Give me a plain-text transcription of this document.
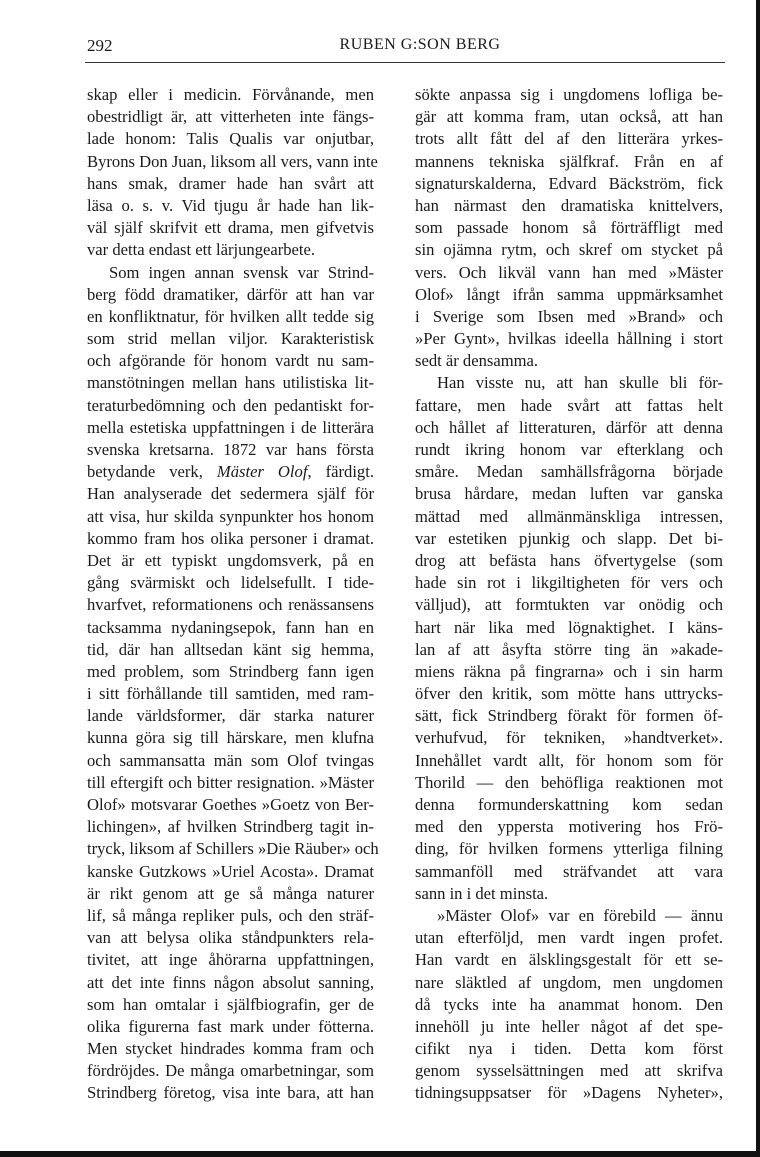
292	RUBEN G:SON BERG
skap eller i medicin. Förvånande, men
obestridligt är, att vitterheten inte fängs-
lade honom: Talis Qualis var onjutbar,
Byrons Don Juan, liksom all vers, vann inte
hans smak, dramer hade han svårt att
läsa o. s. v. Vid tjugu år hade han lik-
väl själf skrifvit ett drama, men gifvetvis
var detta endast ett lärjungearbete.
Som ingen annan svensk var Strind-
berg född dramatiker, därför att han var
en konfliktnatur, för hvilken allt tedde sig
som strid mellan viljor. Karakteristisk
och afgörande för honom vardt nu sam-
manstötningen mellan hans utilistiska lit-
teraturbedömning och den pedantiskt for-
mella estetiska uppfattningen i de litterära
svenska kretsarna. 1872 var hans första
betydande verk, Mäster Olof, färdigt.
Han analyserade det sedermera själf för
att visa, hur skilda synpunkter hos honom
kommo fram hos olika personer i dramat.
Det är ett typiskt ungdomsverk, på en
gång svärmiskt och lidelsefullt. I tide-
hvarfvet, reformationens och renässansens
tacksamma nydaningsepok, fann han en
tid, där han alltsedan känt sig hemma,
med problem, som Strindberg fann igen
i sitt förhållande till samtiden, med ram-
lande världsformer, där starka naturer
kunna göra sig till härskare, men klufna
och sammansatta män som Olof tvingas
till eftergift och bitter resignation. »Mäster
Olof» motsvarar Goethes »Goetz von Ber-
lichingen», af hvilken Strindberg tagit in-
tryck, liksom af Schillers »Die Räuber» och
kanske Gutzkows »Uriel Acosta». Dramat
är rikt genom att ge så många naturer
lif, så många repliker puls, och den sträf-
van att belysa olika ståndpunkters rela-
tivitet, att inge åhörarna uppfattningen,
att det inte finns någon absolut sanning,
som han omtalar i själfbiografin, ger de
olika figurerna fast mark under fötterna.
Men stycket hindrades komma fram och
fördröjdes. De många omarbetningar, som
Strindberg företog, visa inte bara, att han
sökte anpassa sig i ungdomens lofliga be-
gär att komma fram, utan också, att han
trots allt fått del af den litterära yrkes-
mannens tekniska själfkraf. Från en af
signaturskalderna, Edvard Bäckström, fick
han närmast den dramatiska knittelvers,
som passade honom så förträffligt med
sin ojämna rytm, och skref om stycket på
vers. Och likväl vann han med »Mäster
Olof» långt ifrån samma uppmärksamhet
i Sverige som Ibsen med »Brand» och
»Per Gynt», hvilkas ideella hållning i stort
sedt är densamma.
Han visste nu, att han skulle bli för-
fattare, men hade svårt att fattas helt
och hållet af litteraturen, därför att denna
rundt ikring honom var efterklang och
småre. Medan samhällsfrågorna började
brusa hårdare, medan luften var ganska
mättad med allmänmänskliga intressen,
var estetiken pjunkig och slapp. Det bi-
drog att befästa hans öfvertygelse (som
hade sin rot i likgiltigheten för vers och
välljud), att formtukten var onödig och
hart när lika med lögnaktighet. I käns-
lan af att åsyfta större ting än »akade-
miens räkna på fingrarna» och i sin harm
öfver den kritik, som mötte hans uttrycks-
sätt, fick Strindberg förakt för formen öf-
verhufvud, för tekniken, »handtverket».
Innehållet vardt allt, för honom som för
Thorild — den behöfliga reaktionen mot
denna formunderskattning kom sedan
med den yppersta motivering hos Frö-
ding, för hvilken formens ytterliga filning
sammanföll med sträfvandet att vara
sann in i det minsta.
»Mäster Olof» var en förebild — ännu
utan efterföljd, men vardt ingen profet.
Han vardt en älsklingsgestalt för ett se-
nare släktled af ungdom, men ungdomen
då tycks inte ha anammat honom. Den
innehöll ju inte heller något af det spe-
cifikt nya i tiden. Detta kom först
genom sysselsättningen med att skrifva
tidningsuppsatser för »Dagens Nyheter»,
